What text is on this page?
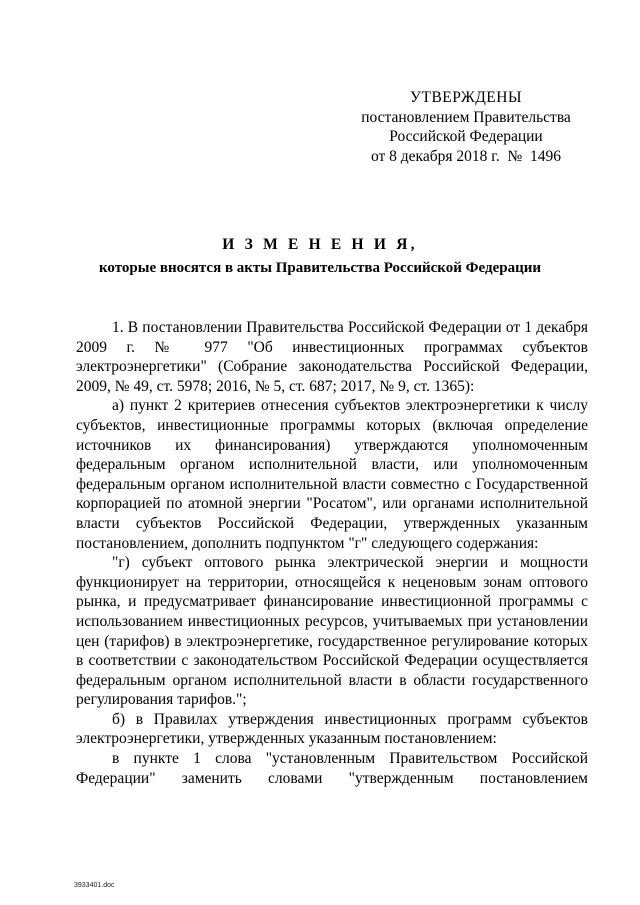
УТВЕРЖДЕНЫ
постановлением Правительства
Российской Федерации
от 8 декабря 2018 г.  №  1496
И З М Е Н Е Н И Я,
которые вносятся в акты Правительства Российской Федерации

1. В постановлении Правительства Российской Федерации от 1 декабря 2009 г. № 977 "Об инвестиционных программах субъектов электроэнергетики" (Собрание законодательства Российской Федерации, 2009, № 49, ст. 5978; 2016, № 5, ст. 687; 2017, № 9, ст. 1365):

а) пункт 2 критериев отнесения субъектов электроэнергетики к числу субъектов, инвестиционные программы которых (включая определение источников их финансирования) утверждаются уполномоченным федеральным органом исполнительной власти, или уполномоченным федеральным органом исполнительной власти совместно с Государственной корпорацией по атомной энергии "Росатом", или органами исполнительной власти субъектов Российской Федерации, утвержденных указанным постановлением, дополнить подпунктом "г" следующего содержания:

"г) субъект оптового рынка электрической энергии и мощности функционирует на территории, относящейся к неценовым зонам оптового рынка, и предусматривает финансирование инвестиционной программы с использованием инвестиционных ресурсов, учитываемых при установлении цен (тарифов) в электроэнергетике, государственное регулирование которых в соответствии с законодательством Российской Федерации осуществляется федеральным органом исполнительной власти в области государственного регулирования тарифов.";

б) в Правилах утверждения инвестиционных программ субъектов электроэнергетики, утвержденных указанным постановлением:

в пункте 1 слова "установленным Правительством Российской Федерации" заменить словами "утвержденным постановлением

3933401.doc
